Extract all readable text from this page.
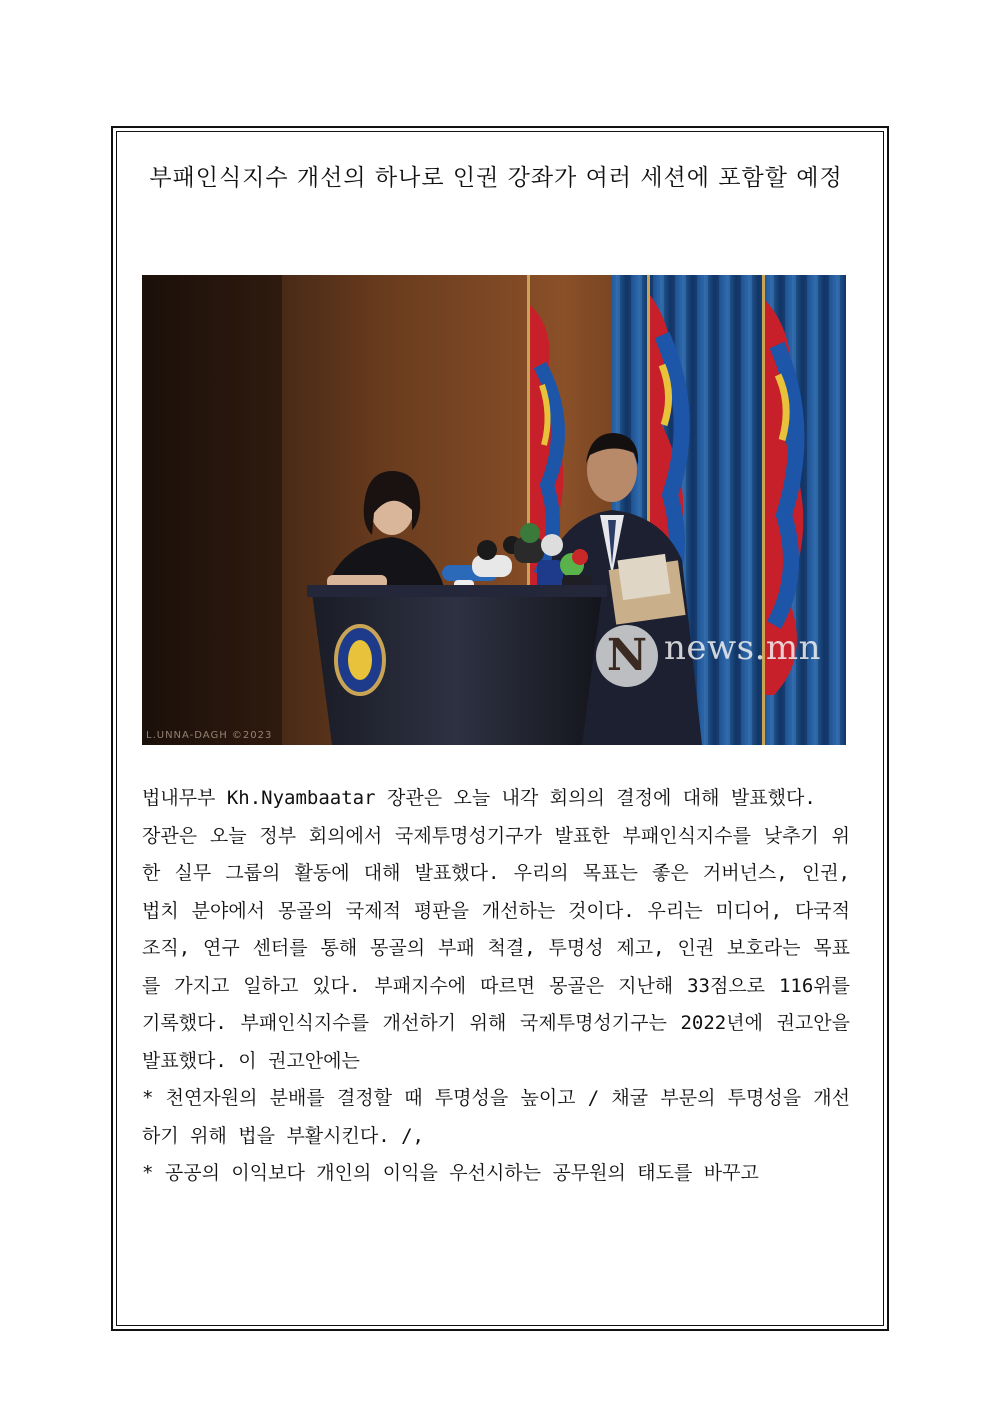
부패인식지수 개선의 하나로 인권 강좌가 여러 세션에 포함할 예정
N news.mn
L.UNNA-DAGH ©2023

법내무부 Kh.Nyambaatar 장관은 오늘 내각 회의의 결정에 대해 발표했다.

장관은 오늘 정부 회의에서 국제투명성기구가 발표한 부패인식지수를 낮추기 위한 실무 그룹의 활동에 대해 발표했다. 우리의 목표는 좋은 거버넌스, 인권, 법치 분야에서 몽골의 국제적 평판을 개선하는 것이다. 우리는 미디어, 다국적 조직, 연구 센터를 통해 몽골의 부패 척결, 투명성 제고, 인권 보호라는 목표를 가지고 일하고 있다. 부패지수에 따르면 몽골은 지난해 33점으로 116위를 기록했다. 부패인식지수를 개선하기 위해 국제투명성기구는 2022년에 권고안을 발표했다. 이 권고안에는

* 천연자원의 분배를 결정할 때 투명성을 높이고 / 채굴 부문의 투명성을 개선하기 위해 법을 부활시킨다. /,

* 공공의 이익보다 개인의 이익을 우선시하는 공무원의 태도를 바꾸고
